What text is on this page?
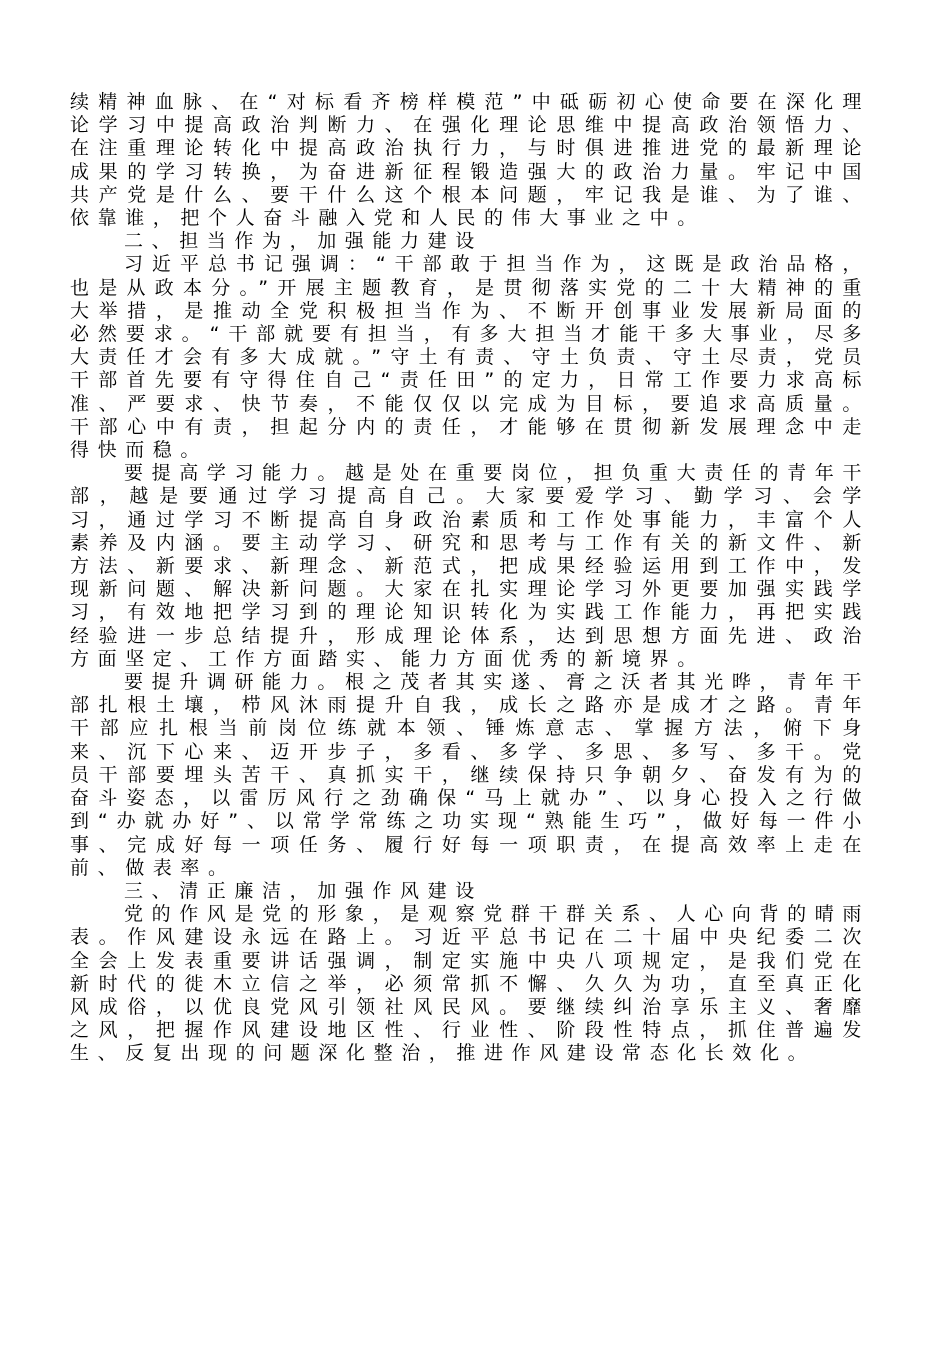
续精神血脉、在“对标看齐榜样模范”中砥砺初心使命要在深化理论学习中提高政治判断力、在强化理论思维中提高政治领悟力、在注重理论转化中提高政治执行力，与时俱进推进党的最新理论成果的学习转换，为奋进新征程锻造强大的政治力量。牢记中国共产党是什么、要干什么这个根本问题，牢记我是谁、为了谁、依靠谁，把个人奋斗融入党和人民的伟大事业之中。

二、担当作为，加强能力建设

习近平总书记强调：“干部敢于担当作为，这既是政治品格，也是从政本分。”开展主题教育，是贯彻落实党的二十大精神的重大举措，是推动全党积极担当作为、不断开创事业发展新局面的必然要求。“干部就要有担当，有多大担当才能干多大事业，尽多大责任才会有多大成就。”守土有责、守土负责、守土尽责，党员干部首先要有守得住自己“责任田”的定力，日常工作要力求高标准、严要求、快节奏，不能仅仅以完成为目标，要追求高质量。干部心中有责，担起分内的责任，才能够在贯彻新发展理念中走得快而稳。

要提高学习能力。越是处在重要岗位，担负重大责任的青年干部，越是要通过学习提高自己。大家要爱学习、勤学习、会学习，通过学习不断提高自身政治素质和工作处事能力，丰富个人素养及内涵。要主动学习、研究和思考与工作有关的新文件、新方法、新要求、新理念、新范式，把成果经验运用到工作中，发现新问题、解决新问题。大家在扎实理论学习外更要加强实践学习，有效地把学习到的理论知识转化为实践工作能力，再把实践经验进一步总结提升，形成理论体系，达到思想方面先进、政治方面坚定、工作方面踏实、能力方面优秀的新境界。

要提升调研能力。根之茂者其实遂、膏之沃者其光晔，青年干部扎根土壤，栉风沐雨提升自我，成长之路亦是成才之路。青年干部应扎根当前岗位练就本领、锤炼意志、掌握方法，俯下身来、沉下心来、迈开步子，多看、多学、多思、多写、多干。党员干部要埋头苦干、真抓实干，继续保持只争朝夕、奋发有为的奋斗姿态，以雷厉风行之劲确保“马上就办”、以身心投入之行做到“办就办好”、以常学常练之功实现“熟能生巧”，做好每一件小事、完成好每一项任务、履行好每一项职责，在提高效率上走在前、做表率。

三、清正廉洁，加强作风建设

党的作风是党的形象，是观察党群干群关系、人心向背的晴雨表。作风建设永远在路上。习近平总书记在二十届中央纪委二次全会上发表重要讲话强调，制定实施中央八项规定，是我们党在新时代的徙木立信之举，必须常抓不懈、久久为功，直至真正化风成俗，以优良党风引领社风民风。要继续纠治享乐主义、奢靡之风，把握作风建设地区性、行业性、阶段性特点，抓住普遍发生、反复出现的问题深化整治，推进作风建设常态化长效化。
